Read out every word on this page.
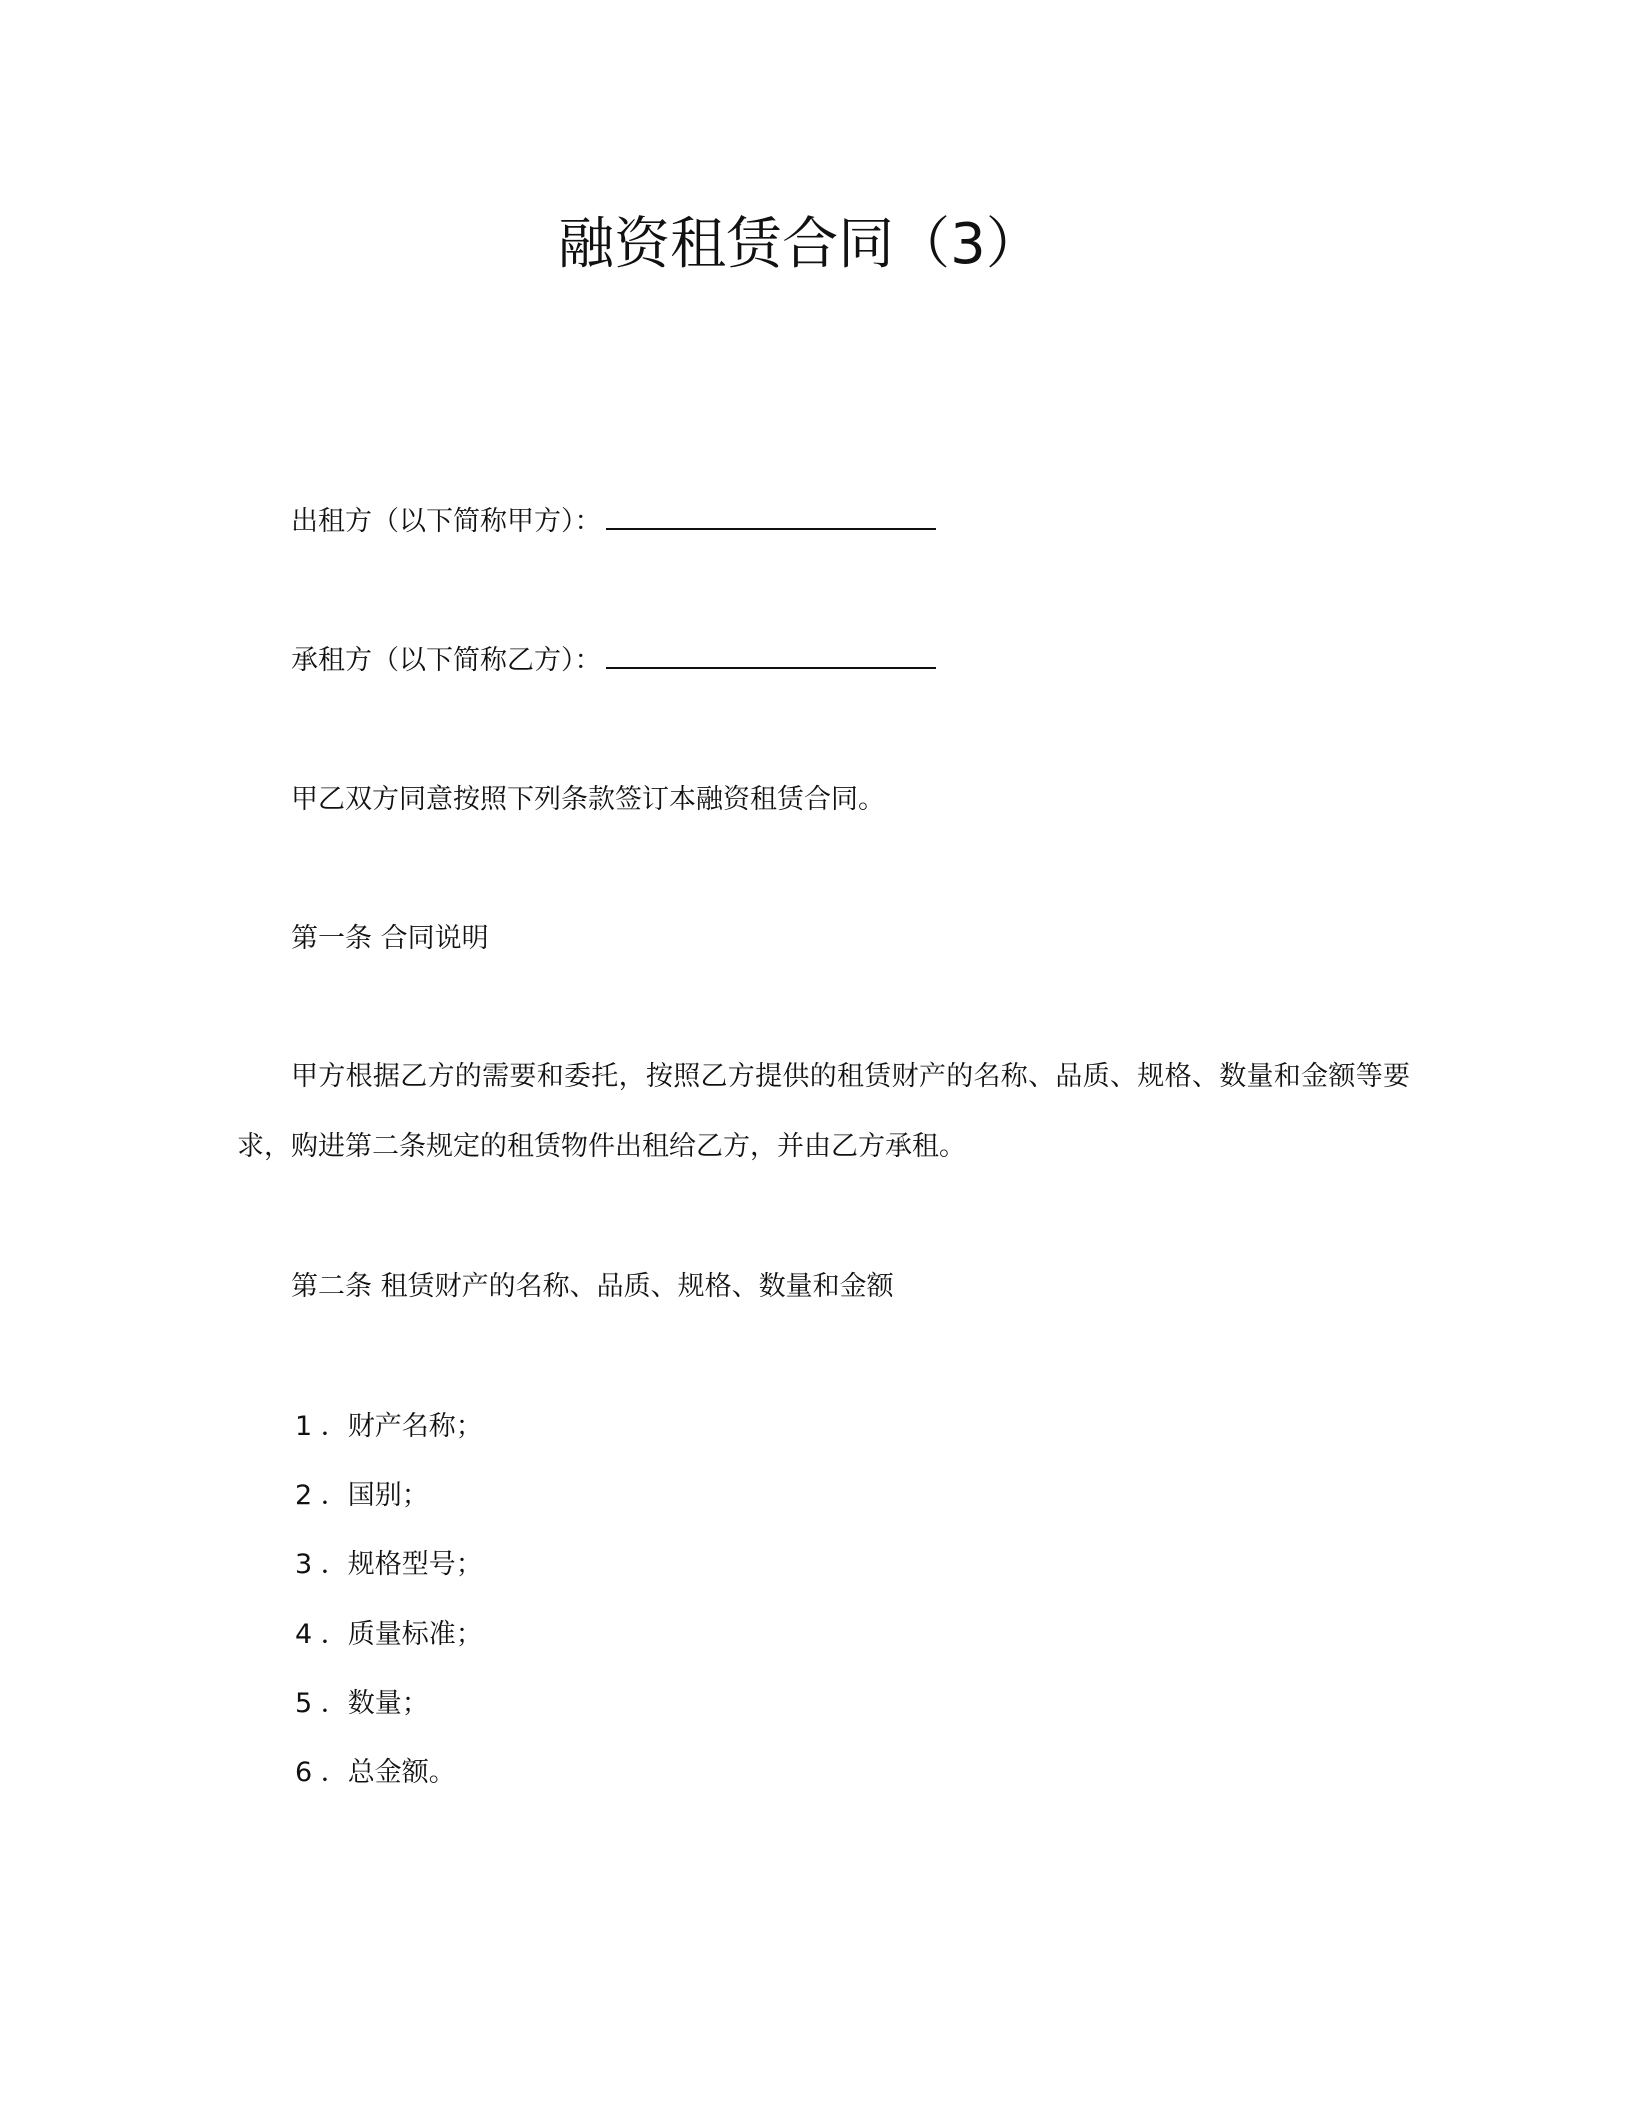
融资租赁合同（3）
出租方（以下简称甲方）：
承租方（以下简称乙方）：
甲乙双方同意按照下列条款签订本融资租赁合同。
第一条 合同说明
甲方根据乙方的需要和委托，按照乙方提供的租赁财产的名称、品质、规格、数量和金额等要
求，购进第二条规定的租赁物件出租给乙方，并由乙方承租。
第二条 租赁财产的名称、品质、规格、数量和金额
1 ．财产名称；
2 ．国别；
3 ．规格型号；
4 ．质量标准；
5 ．数量；
6 ．总金额。
